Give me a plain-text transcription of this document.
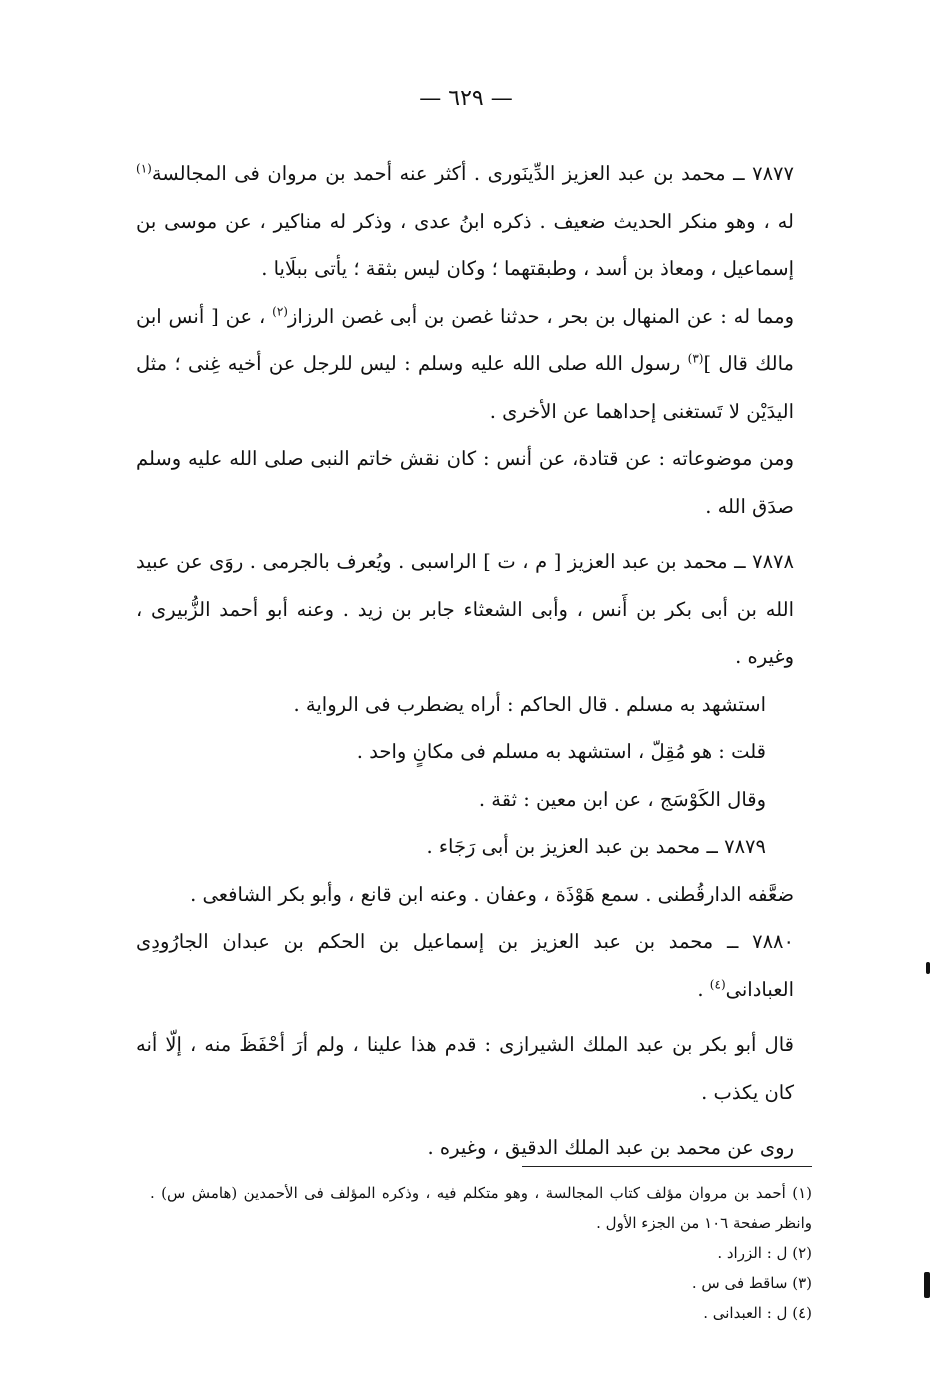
— ٦٢٩ —

٧٨٧٧ ــ محمد بن عبد العزيز الدِّينَورى . أكثر عنه أحمد بن مروان فى المجالسة$^{(١)}$ له ، وهو منكر الحديث ضعيف . ذكره ابنُ عدى ، وذكر له مناكير ، عن موسى بن إسماعيل ، ومعاذ بن أسد ، وطبقتهما ؛ وكان ليس بثقة ؛ يأتى ببلَايا .

ومما له : عن المنهال بن بحر ، حدثنا غصن بن أبى غصن الرزاز$^{(٢)}$ ، عن [ أنس ابن مالك قال ]$^{(٣)}$ رسول الله صلى الله عليه وسلم : ليس للرجل عن أخيه غِنى ؛ مثل اليدَيْن لا تَستغنى إحداهما عن الأخرى .

ومن موضوعاته : عن قتادة، عن أنس : كان نقش خاتم النبى صلى الله عليه وسلم صدَق الله .

٧٨٧٨ ــ محمد بن عبد العزيز [ م ، ت ] الراسبى . ويُعرف بالجرمى . روَى عن عبيد الله بن أبى بكر بن أَنس ، وأبى الشعثاء جابر بن زيد . وعنه أبو أحمد الزُّبيرى ، وغيره .

استشهد به مسلم . قال الحاكم : أراه يضطرب فى الرواية .

قلت : هو مُقِلّ ، استشهد به مسلم فى مكانٍ واحد .

وقال الكَوْسَج ، عن ابن معين : ثقة .

٧٨٧٩ ــ محمد بن عبد العزيز بن أبى رَجَاء .

ضعَّفه الدارقُطنى . سمع هَوْذَة ، وعفان . وعنه ابن قانع ، وأبو بكر الشافعى .

٧٨٨٠ ــ محمد بن عبد العزيز بن إسماعيل بن الحكم بن عبدان الجارُودِى العبادانى$^{(٤)}$ .

قال أبو بكر بن عبد الملك الشيرازى : قدم هذا علينا ، ولم أرَ أحْفَظَ منه ، إلّا أنه كان يكذب .

روى عن محمد بن عبد الملك الدقيق ، وغيره .

(١) أحمد بن مروان مؤلف كتاب المجالسة ، وهو متكلم فيه ، وذكره المؤلف فى الأحمدين (هامش س) . وانظر صفحة ١٠٦ من الجزء الأول .

(٢) ل : الزراد .

(٣) ساقط فى س .

(٤) ل : العبدانى .
